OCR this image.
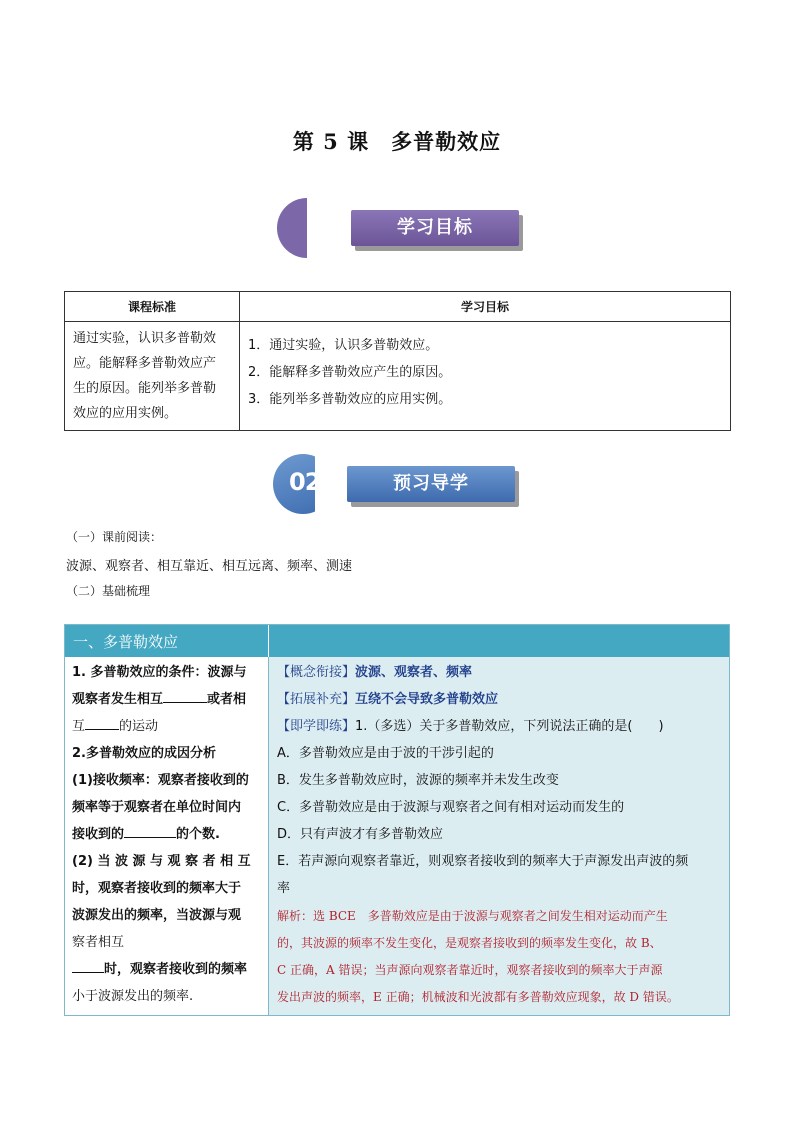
第 5 课　多普勒效应
学习目标
课程标准	学习目标

通过实验，认识多普勒效
应。能解释多普勒效应产
生的原因。能列举多普勒
效应的应用实例。	1．通过实验，认识多普勒效应。
2．能解释多普勒效应产生的原因。
3．能列举多普勒效应的应用实例。
02	预习导学
（一）课前阅读：
波源、观察者、相互靠近、相互远离、频率、测速
（二）基础梳理
一、多普勒效应
1. 多普勒效应的条件：波源与
观察者发生相互	或者相
互	的运动
2.多普勒效应的成因分析
(1)接收频率：观察者接收到的
频率等于观察者在单位时间内
接收到的	的个数.
(2) 当 波 源 与 观 察 者 相 互
时，观察者接收到的频率大于
波源发出的频率，当波源与观
察者相互
时，观察者接收到的频率
小于波源发出的频率.
【概念衔接】波源、观察者、频率
【拓展补充】互绕不会导致多普勒效应
【即学即练】1.（多选）关于多普勒效应，下列说法正确的是(　　)
A．多普勒效应是由于波的干涉引起的
B．发生多普勒效应时，波源的频率并未发生改变
C．多普勒效应是由于波源与观察者之间有相对运动而发生的
D．只有声波才有多普勒效应
E．若声源向观察者靠近，则观察者接收到的频率大于声源发出声波的频
率
解析：选 BCE　多普勒效应是由于波源与观察者之间发生相对运动而产生
的，其波源的频率不发生变化，是观察者接收到的频率发生变化，故 B、
C 正确，A 错误；当声源向观察者靠近时，观察者接收到的频率大于声源
发出声波的频率，E 正确；机械波和光波都有多普勒效应现象，故 D 错误。
